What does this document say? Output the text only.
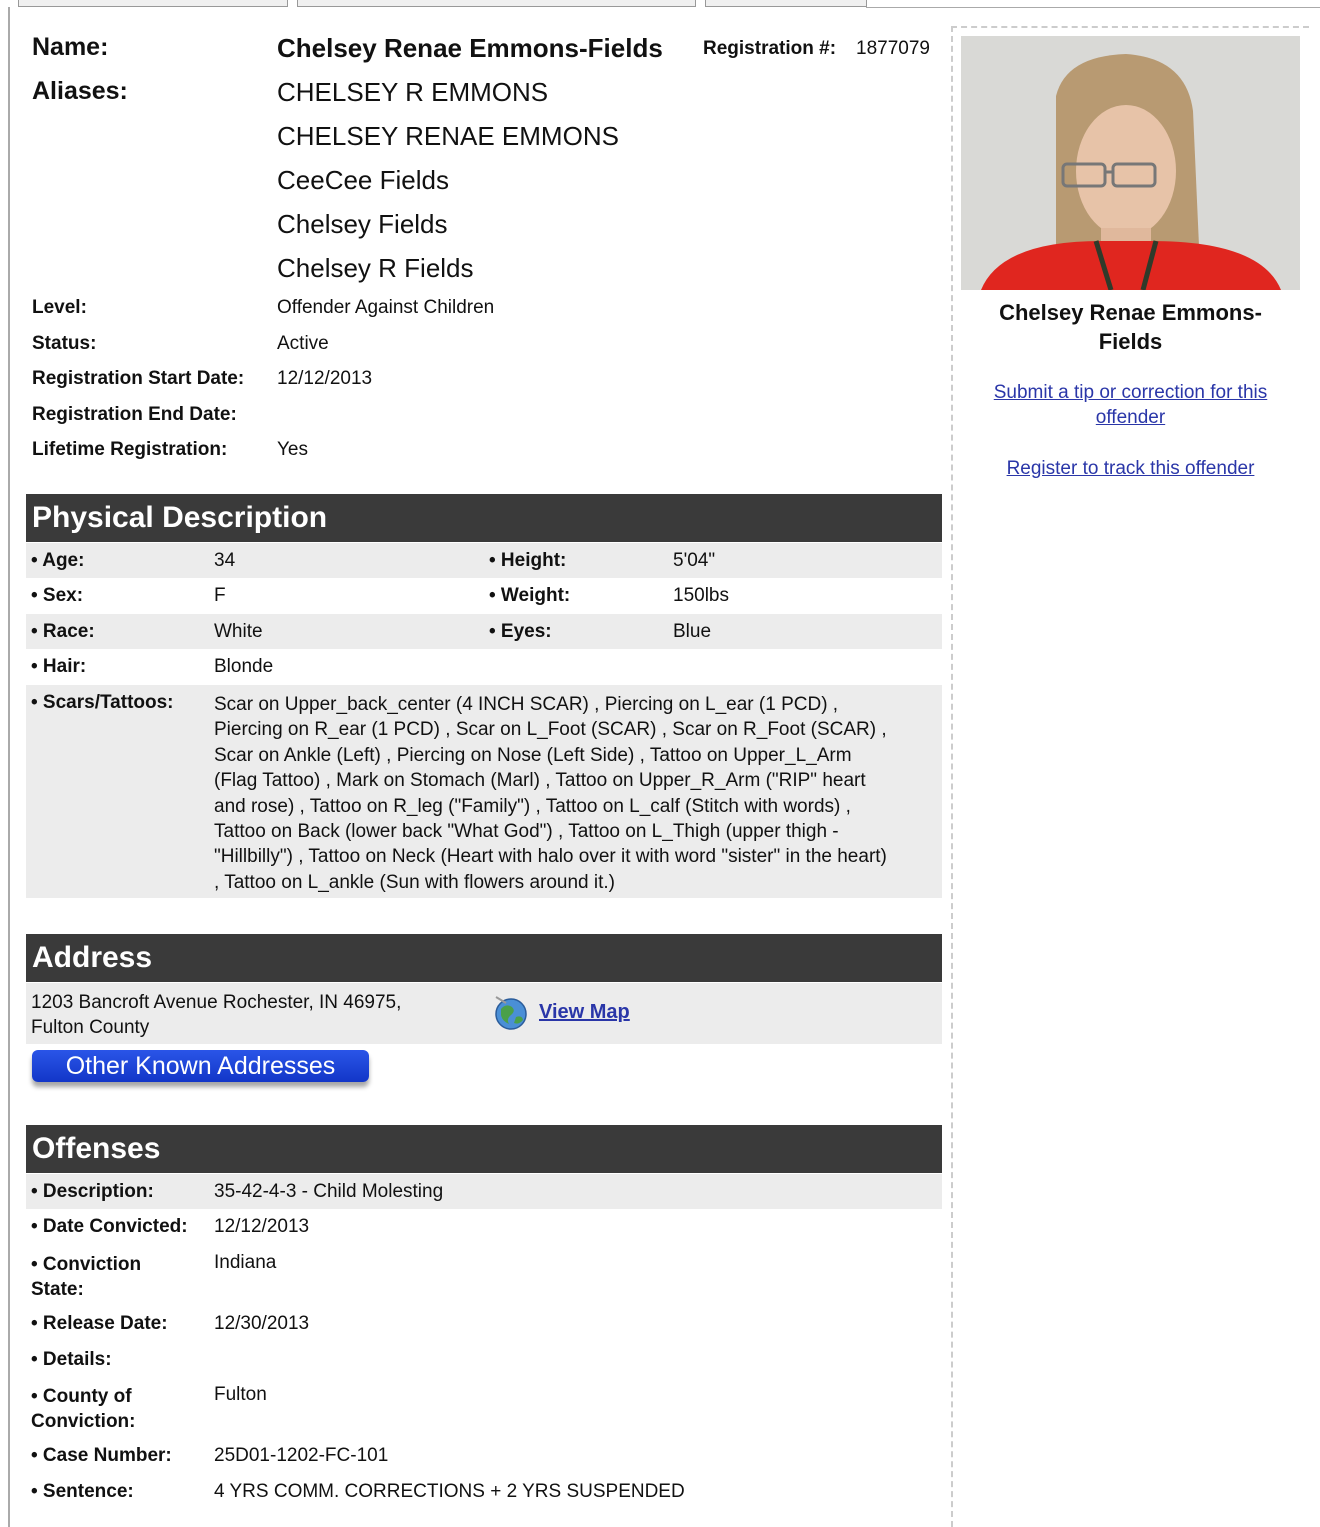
Name:	Chelsey Renae Emmons-Fields Registration #: 1877079
Aliases:	CHELSEY R EMMONS
CHELSEY RENAE EMMONS
CeeCee Fields
Chelsey Fields
Chelsey R Fields
Level:	Offender Against Children
Status:	Active
Registration Start Date: 12/12/2013
Registration End Date:
Lifetime Registration:	Yes
Chelsey Renae Emmons-
Fields
Submit a tip or correction for this
offender
Register to track this offender
Physical Description
• Age:	34	• Height:	5'04"
• Sex:	F	• Weight:	150lbs
• Race:	White	• Eyes:	Blue
• Hair:	Blonde
• Scars/Tattoos: Scar on Upper_back_center (4 INCH SCAR) , Piercing on L_ear (1 PCD) ,
Piercing on R_ear (1 PCD) , Scar on L_Foot (SCAR) , Scar on R_Foot (SCAR) ,
Scar on Ankle (Left) , Piercing on Nose (Left Side) , Tattoo on Upper_L_Arm
(Flag Tattoo) , Mark on Stomach (Marl) , Tattoo on Upper_R_Arm ("RIP" heart
and rose) , Tattoo on R_leg ("Family") , Tattoo on L_calf (Stitch with words) ,
Tattoo on Back (lower back "What God") , Tattoo on L_Thigh (upper thigh -
"Hillbilly") , Tattoo on Neck (Heart with halo over it with word "sister" in the heart)
, Tattoo on L_ankle (Sun with flowers around it.)
Address
1203 Bancroft Avenue Rochester, IN 46975,
Fulton County
View Map
Other Known Addresses
Offenses
• Description:	35-42-4-3 - Child Molesting
• Date Convicted: 12/12/2013
• Conviction
State:
Indiana
• Release Date: 12/30/2013
• Details:
• County of
Conviction:
Fulton
• Case Number: 25D01-1202-FC-101
• Sentence:	4 YRS COMM. CORRECTIONS + 2 YRS SUSPENDED
